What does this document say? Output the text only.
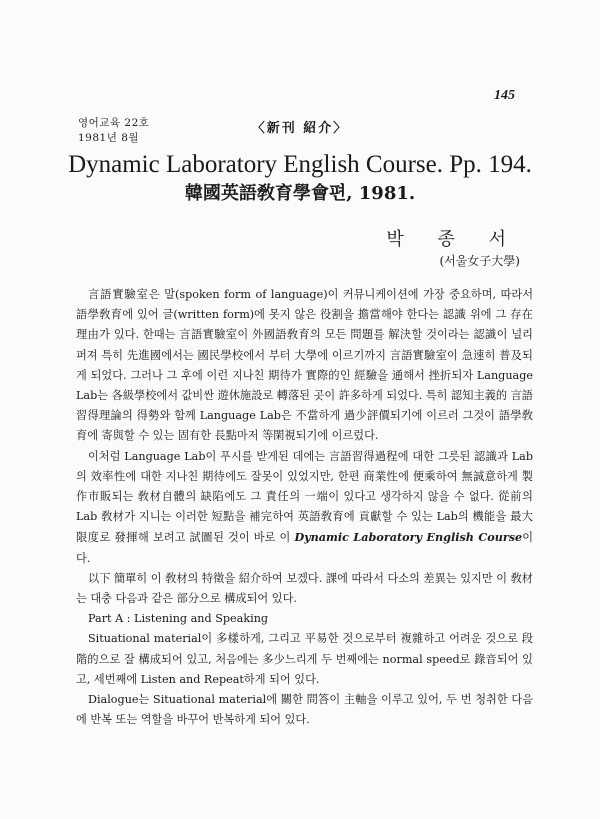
145
영어교육 22호
1981년 8월
〈新刊 紹介〉
Dynamic Laboratory English Course. Pp. 194.
韓國英語敎育學會편, 1981.
박 종 서
(서울女子大學)

言語實驗室은 말(spoken form of language)이 커뮤니케이션에 가장 중요하며, 따라서 語學敎育에 있어 글(written form)에 못지 않은 役割을 擔當해야 한다는 認識 위에 그 存在理由가 있다. 한때는 言語實驗室이 外國語敎育의 모든 問題를 解決할 것이라는 認識이 널리 퍼져 특히 先進國에서는 國民學校에서 부터 大學에 이르기까지 言語實驗室이 急速히 普及되게 되었다. 그러나 그 후에 이런 지나친 期待가 實際的인 經驗을 通해서 挫折되자 Language Lab는 各級學校에서 값비싼 遊休施設로 轉落된 곳이 許多하게 되었다. 특히 認知主義的 言語習得理論의 得勢와 함께 Language Lab은 不當하게 過少評價되기에 이르러 그것이 語學敎育에 寄與할 수 있는 固有한 長點마저 等閑視되기에 이르렀다.

이처럼 Language Lab이 푸시를 받게된 데에는 言語習得過程에 대한 그릇된 認識과 Lab의 效率性에 대한 지나친 期待에도 잘못이 있었지만, 한편 商業性에 便乘하여 無誠意하게 製作市販되는 敎材自體의 缺陷에도 그 責任의 一端이 있다고 생각하지 않을 수 없다. 從前의 Lab 敎材가 지니는 이러한 短點을 補完하여 英語敎育에 貢獻할 수 있는 Lab의 機能을 最大限度로 發揮해 보려고 試圖된 것이 바로 이 Dynamic Laboratory English Course이다.

以下 簡單히 이 敎材의 特徵을 紹介하여 보겠다. 課에 따라서 다소의 差異는 있지만 이 敎材는 대충 다음과 같은 部分으로 構成되어 있다.

Part A : Listening and Speaking

Situational material이 多樣하게, 그리고 平易한 것으로부터 複雜하고 어려운 것으로 段階的으로 잘 構成되어 있고, 처음에는 多少느리게 두 번째에는 normal speed로 錄音되어 있고, 세번째에 Listen and Repeat하게 되어 있다.

Dialogue는 Situational material에 關한 問答이 主軸을 이루고 있어, 두 번 청취한 다음에 반복 또는 역할을 바꾸어 반복하게 되어 있다.
